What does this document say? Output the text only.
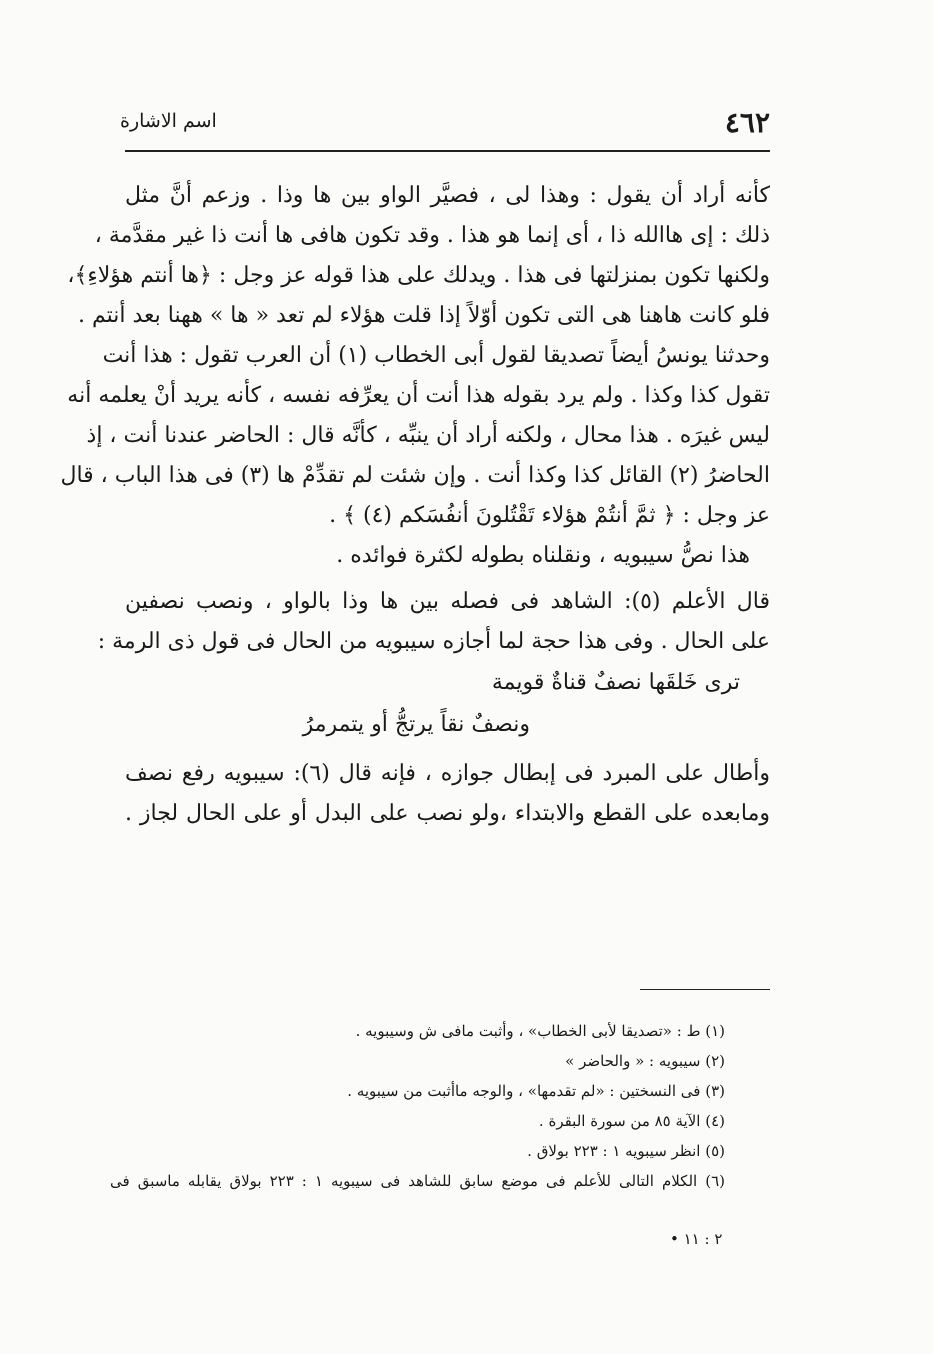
٤٦٢
اسم الاشارة
كأنه أراد أن يقول : وهذا لى ، فصيَّر الواو بين ها وذا . وزعم أنَّ مثل
ذلك : إى هاالله ذا ، أى إنما هو هذا . وقد تكون هافى ها أنت ذا غير مقدَّمة ،
ولكنها تكون بمنزلتها فى هذا . ويدلك على هذا قوله عز وجل : ﴿ها أنتم هؤلاءِ﴾،
فلو كانت هاهنا هى التى تكون أوّلاً إذا قلت هؤلاء لم تعد « ها » ههنا بعد أنتم .
وحدثنا يونسُ أيضاً تصديقا لقول أبى الخطاب (١) أن العرب تقول : هذا أنت
تقول كذا وكذا . ولم يرد بقوله هذا أنت أن يعرِّفه نفسه ، كأنه يريد أنْ يعلمه أنه
ليس غيرَه . هذا محال ، ولكنه أراد أن ينبِّه ، كأنَّه قال : الحاضر عندنا أنت ، إذ
الحاضرُ (٢) القائل كذا وكذا أنت . وإن شئت لم تقدِّمْ ها (٣) فى هذا الباب ، قال
عز وجل : ﴿ ثمَّ أنتُمْ هؤلاء تَقْتُلونَ أنفُسَكم (٤) ﴾ .
هذا نصُّ سيبويه ، ونقلناه بطوله لكثرة فوائده .
قال الأعلم (٥): الشاهد فى فصله بين ها وذا بالواو ، ونصب نصفين
على الحال . وفى هذا حجة لما أجازه سيبويه من الحال فى قول ذى الرمة :
ترى خَلقَها نصفٌ قناةٌ قويمة
ونصفٌ نقاً يرتجُّ أو يتمرمرُ
وأطال على المبرد فى إبطال جوازه ، فإنه قال (٦): سيبويه رفع نصف
ومابعده على القطع والابتداء ،ولو نصب على البدل أو على الحال لجاز .
(١) ط : «تصديقا لأبى الخطاب» ، وأثبت مافى ش وسيبويه .
(٢) سيبويه : « والحاضر »
(٣) فى النسختين : «لم تقدمها» ، والوجه ماأثبت من سيبويه .
(٤) الآية ٨٥ من سورة البقرة .
(٥) انظر سيبويه ١ : ٢٢٣ بولاق .
(٦) الكلام التالى للأعلم فى موضع سابق للشاهد فى سيبويه ١ : ٢٢٣ بولاق يقابله ماسبق فى
٢ : ١١ •
